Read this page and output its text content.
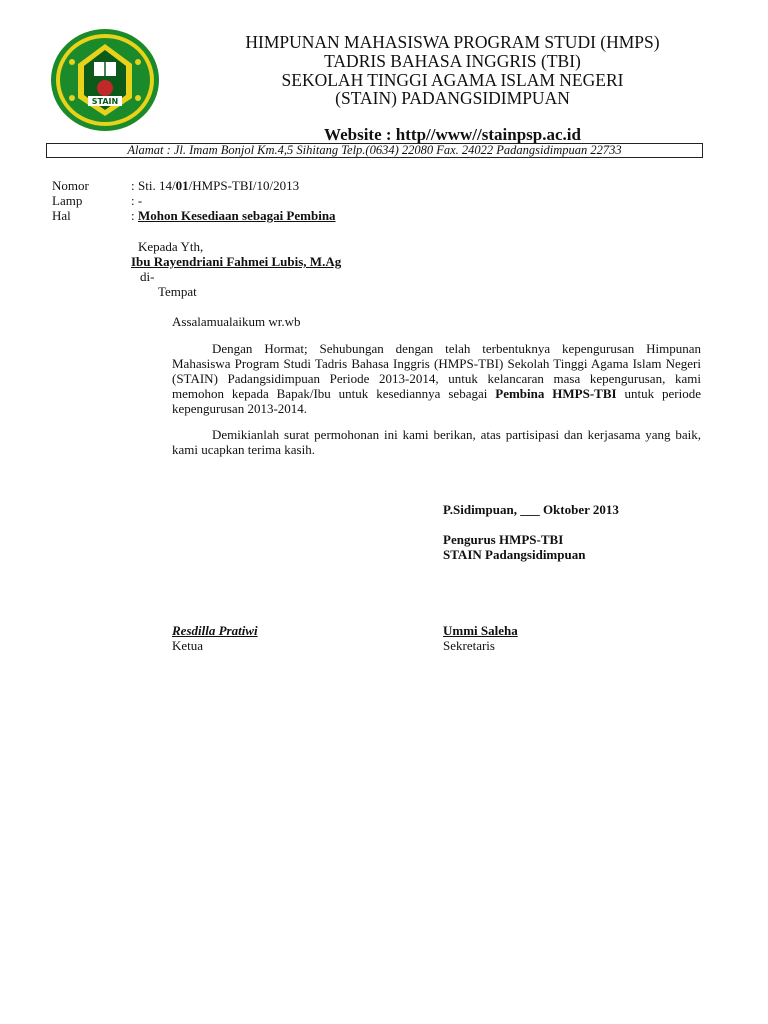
STAIN
HIMPUNAN MAHASISWA PROGRAM STUDI (HMPS)
TADRIS BAHASA INGGRIS (TBI)
SEKOLAH TINGGI AGAMA ISLAM NEGERI
(STAIN) PADANGSIDIMPUAN
Website : http//www//stainpsp.ac.id
Alamat : Jl. Imam Bonjol Km.4,5 Sihitang Telp.(0634) 22080 Fax. 24022 Padangsidimpuan 22733
Nomor	: Sti. 14/01/HMPS-TBI/10/2013
Lamp	: -
Hal	: Mohon Kesediaan sebagai Pembina
Kepada Yth,
Ibu Rayendriani Fahmei Lubis, M.Ag
di-
Tempat
Assalamualaikum wr.wb
Dengan Hormat; Sehubungan dengan telah terbentuknya kepengurusan Himpunan Mahasiswa Program Studi Tadris Bahasa Inggris (HMPS-TBI) Sekolah Tinggi Agama Islam Negeri (STAIN) Padangsidimpuan Periode 2013-2014, untuk kelancaran masa kepengurusan, kami memohon kepada Bapak/Ibu untuk kesediannya sebagai Pembina HMPS-TBI untuk periode kepengurusan 2013-2014.
Demikianlah surat permohonan ini kami berikan, atas partisipasi dan kerjasama yang baik, kami ucapkan terima kasih.
P.Sidimpuan, ___ Oktober 2013
Pengurus HMPS-TBI
STAIN Padangsidimpuan
Resdilla Pratiwi
Ketua
Ummi Saleha
Sekretaris
